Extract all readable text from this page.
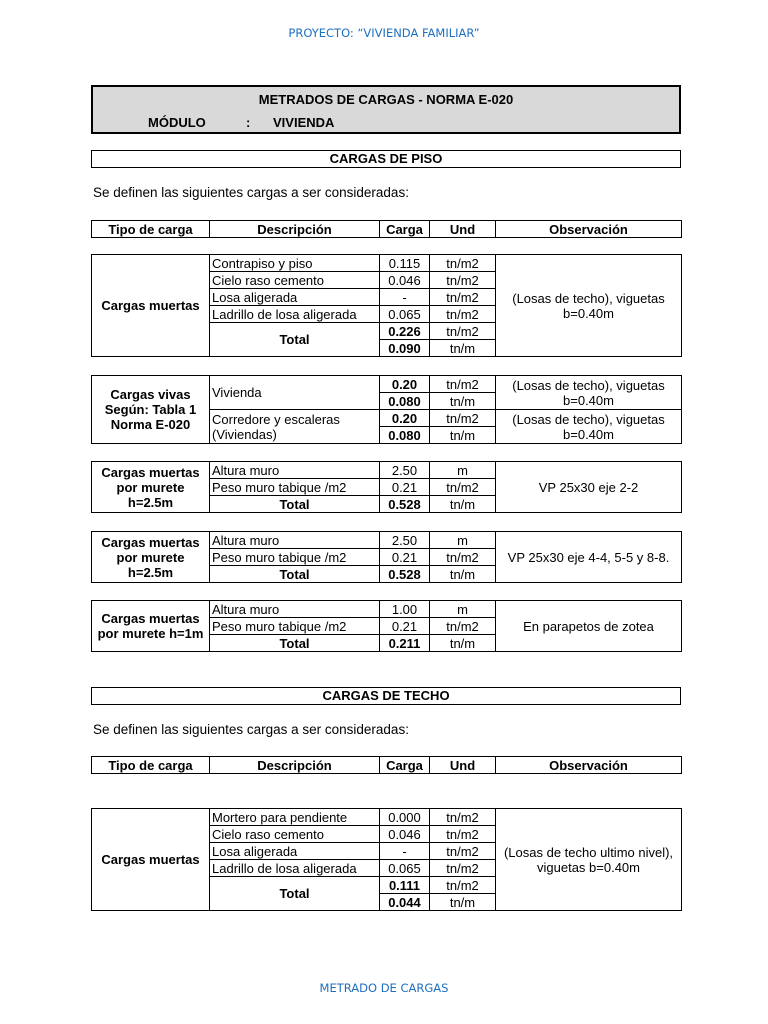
PROYECTO: “VIVIENDA FAMILIAR”
METRADOS DE CARGAS - NORMA E-020
MÓDULO	: VIVIENDA
CARGAS DE PISO
Se definen las siguientes cargas a ser consideradas:
Tipo de carga	Descripción	Carga	Und	Observación
Cargas muertas	Contrapiso y piso	0.115	tn/m2	(Losas de techo), viguetas b=0.40m
	Cielo raso cemento	0.046	tn/m2	
	Losa aligerada	-	tn/m2	
	Ladrillo de losa aligerada	0.065	tn/m2	
	Total	0.226	tn/m2	
		0.090	tn/m	
Cargas vivas Según: Tabla 1 Norma E-020	Vivienda	0.20	tn/m2	(Losas de techo), viguetas b=0.40m
		0.080	tn/m	
	Corredore y escaleras (Viviendas)	0.20	tn/m2	(Losas de techo), viguetas b=0.40m
		0.080	tn/m	
Cargas muertas por murete h=2.5m	Altura muro	2.50	m	VP 25x30 eje 2-2
	Peso muro tabique /m2	0.21	tn/m2	
	Total	0.528	tn/m	
Cargas muertas por murete h=2.5m	Altura muro	2.50	m	VP 25x30 eje 4-4, 5-5 y 8-8.
	Peso muro tabique /m2	0.21	tn/m2	
	Total	0.528	tn/m	
Cargas muertas por murete h=1m	Altura muro	1.00	m	En parapetos de zotea
	Peso muro tabique /m2	0.21	tn/m2	
	Total	0.211	tn/m	
CARGAS DE TECHO
Se definen las siguientes cargas a ser consideradas:
Tipo de carga	Descripción	Carga	Und	Observación
Cargas muertas	Mortero para pendiente	0.000	tn/m2	(Losas de techo ultimo nivel), viguetas b=0.40m
	Cielo raso cemento	0.046	tn/m2	
	Losa aligerada	-	tn/m2	
	Ladrillo de losa aligerada	0.065	tn/m2	
	Total	0.111	tn/m2	
		0.044	tn/m	
METRADO DE CARGAS
